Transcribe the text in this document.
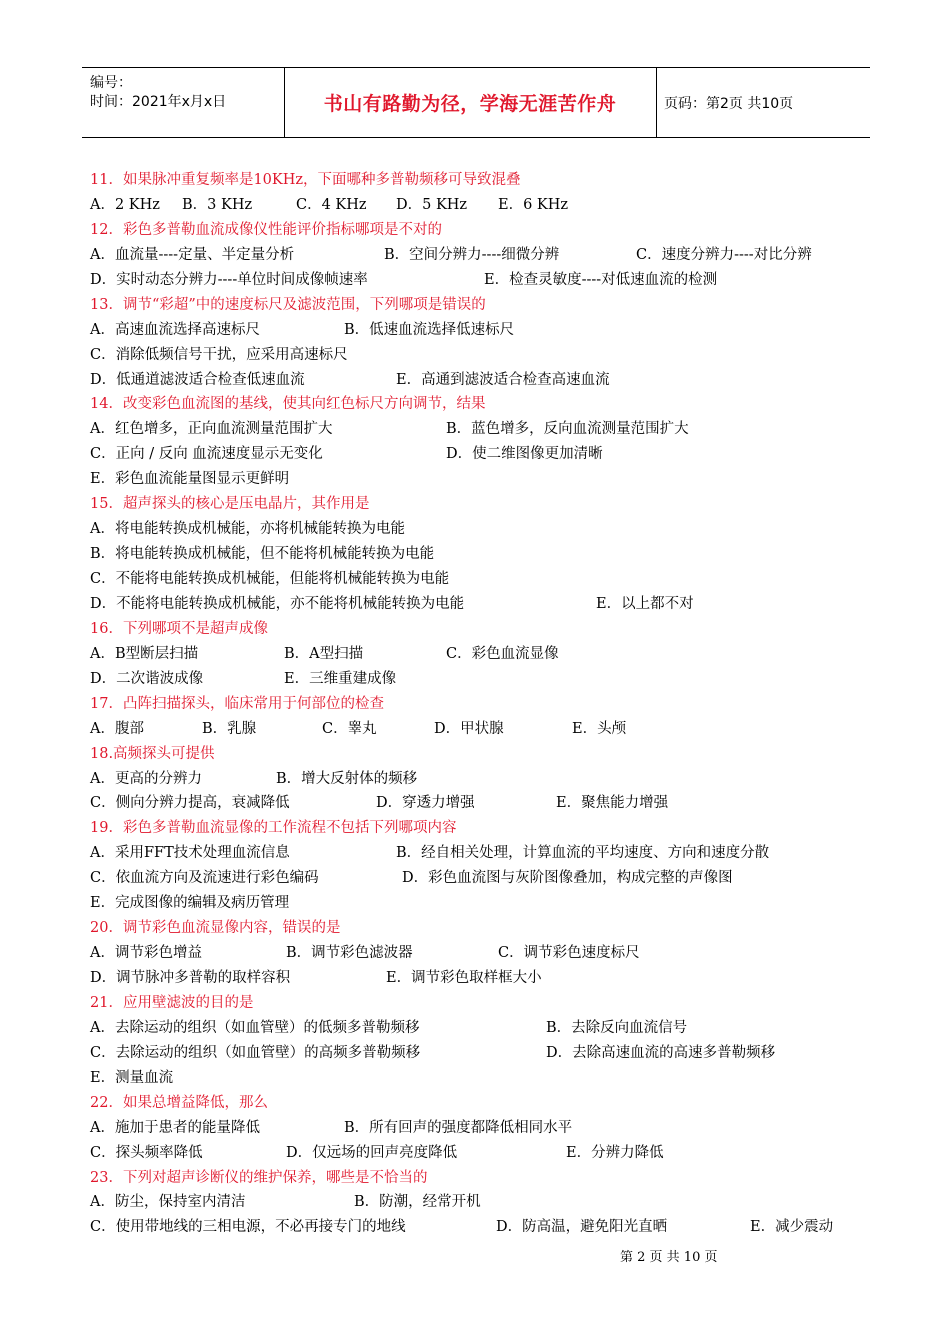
编号：
时间：2021年x月x日	书山有路勤为径，学海无涯苦作舟	页码：第2页 共10页
11．如果脉冲重复频率是10KHz，下面哪种多普勒频移可导致混叠
A．2 KHz B．3 KHz	C．4 KHz D．5 KHz E．6 KHz
12．彩色多普勒血流成像仪性能评价指标哪项是不对的
A．血流量----定量、半定量分析	B．空间分辨力----细微分辨	C．速度分辨力----对比分辨
D．实时动态分辨力----单位时间成像帧速率	E．检查灵敏度----对低速血流的检测
13．调节“彩超”中的速度标尺及滤波范围，下列哪项是错误的
A．高速血流选择高速标尺	B．低速血流选择低速标尺
C．消除低频信号干扰，应采用高速标尺
D．低通道滤波适合检查低速血流	E．高通到滤波适合检查高速血流
14．改变彩色血流图的基线，使其向红色标尺方向调节，结果
A．红色增多，正向血流测量范围扩大	B．蓝色增多，反向血流测量范围扩大
C．正向 / 反向 血流速度显示无变化	D．使二维图像更加清晰
E．彩色血流能量图显示更鲜明
15．超声探头的核心是压电晶片，其作用是
A．将电能转换成机械能，亦将机械能转换为电能
B．将电能转换成机械能，但不能将机械能转换为电能
C．不能将电能转换成机械能，但能将机械能转换为电能
D．不能将电能转换成机械能，亦不能将机械能转换为电能	E．以上都不对
16．下列哪项不是超声成像
A．B型断层扫描	B．A型扫描	C．彩色血流显像
D．二次谐波成像	E．三维重建成像
17．凸阵扫描探头，临床常用于何部位的检查
A．腹部	B．乳腺	C．睾丸	D．甲状腺	E．头颅
18.高频探头可提供
A．更高的分辨力	B．增大反射体的频移
C．侧向分辨力提高，衰减降低	D．穿透力增强	E．聚焦能力增强
19．彩色多普勒血流显像的工作流程不包括下列哪项内容
A．采用FFT技术处理血流信息	B．经自相关处理，计算血流的平均速度、方向和速度分散
C．依血流方向及流速进行彩色编码	D．彩色血流图与灰阶图像叠加，构成完整的声像图
E．完成图像的编辑及病历管理
20．调节彩色血流显像内容，错误的是
A．调节彩色增益	B．调节彩色滤波器	C．调节彩色速度标尺
D．调节脉冲多普勒的取样容积	E．调节彩色取样框大小
21．应用壁滤波的目的是
A．去除运动的组织（如血管壁）的低频多普勒频移	B．去除反向血流信号
C．去除运动的组织（如血管壁）的高频多普勒频移	D．去除高速血流的高速多普勒频移
E．测量血流
22．如果总增益降低，那么
A．施加于患者的能量降低	B．所有回声的强度都降低相同水平
C．探头频率降低	D．仅远场的回声亮度降低	E．分辨力降低
23．下列对超声诊断仪的维护保养，哪些是不恰当的
A．防尘，保持室内清洁	B．防潮，经常开机
C．使用带地线的三相电源，不必再接专门的地线	D．防高温，避免阳光直晒	E．减少震动
第 2 页 共 10 页
